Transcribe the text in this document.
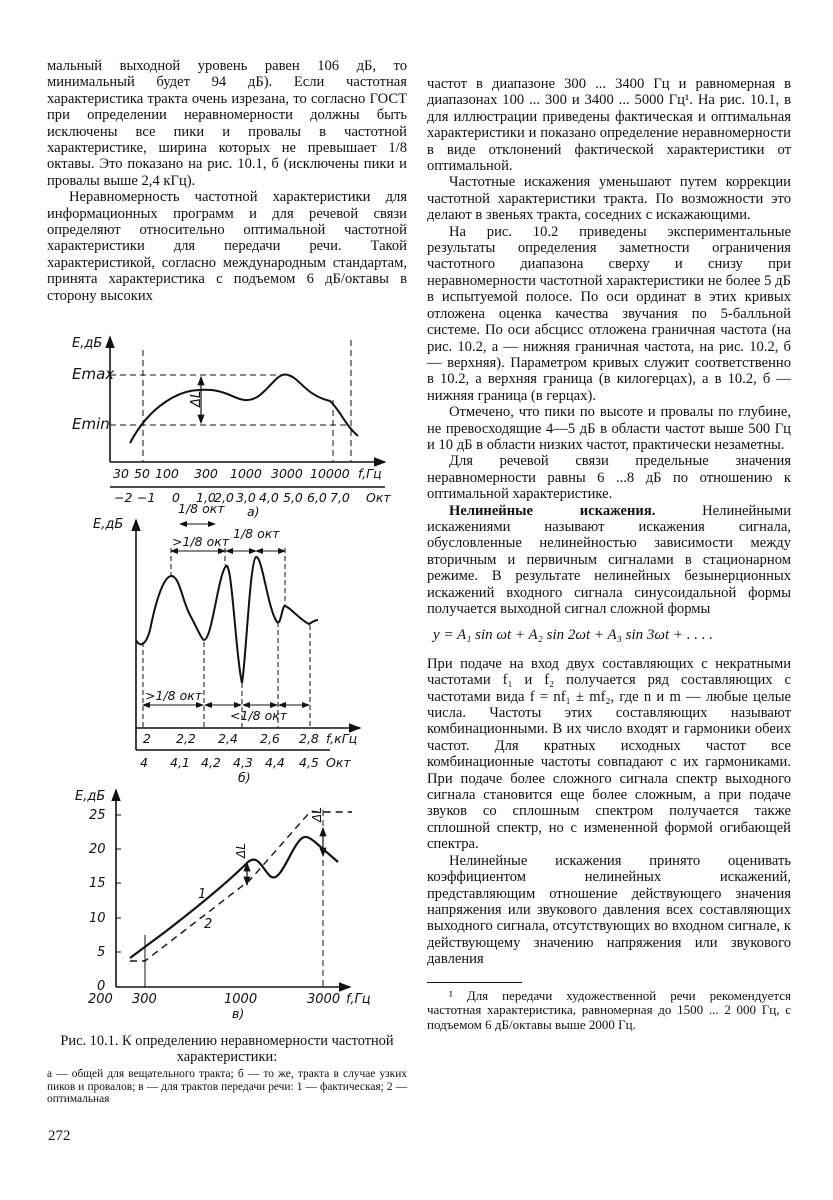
мальный выходной уровень равен 106 дБ, то минимальный будет 94 дБ). Если частотная характеристика тракта очень изрезана, то согласно ГОСТ при определении неравномерности должны быть исключены все пики и провалы в частотной характеристике, ширина которых не превышает 1/8 октавы. Это показано на рис. 10.1, б (исключены пики и провалы выше 2,4 кГц).

Неравномерность частотной характеристики для информационных программ и для речевой связи определяют относительно оптимальной частотной характеристики для передачи речи. Такой характеристикой, согласно международным стандартам, принята характеристика с подъемом 6 дБ/октавы в сторону высоких

E,дБ
Emax
Emin
ΔL
30 50 100 300 1000 3000 10000 f,Гц
−2 −1 0 1,0
2,0 3,0 4,0 5,0 6,0 7,0 Окт
а)
E,дБ
1/8 окт
>1/8 окт
1/8 окт
>1/8 окт
<1/8 окт
2 2,2 2,4 2,6 2,8 f,кГц
4 4,1 4,2 4,3 4,4 4,5 Окт
б)
E,дБ
0
5
10
15
20
25
ΔL
ΔL
1
2
200 300	1000	3000 f,Гц
в)
Рис. 10.1. К определению неравномерности частотной характеристики:
а — общей для вещательного тракта; б — то же, тракта в случае узких пиков и провалов; в — для трактов передачи речи: 1 — фактическая; 2 — оптимальная
272

частот в диапазоне 300 ... 3400 Гц и равномерная в диапазонах 100 ... 300 и 3400 ... 5000 Гц¹. На рис. 10.1, в для иллюстрации приведены фактическая и оптимальная характеристики и показано определение неравномерности в виде отклонений фактической характеристики от оптимальной.

Частотные искажения уменьшают путем коррекции частотной характеристики тракта. По возможности это делают в звеньях тракта, соседних с искажающими.

На рис. 10.2 приведены экспериментальные результаты определения заметности ограничения частотного диапазона сверху и снизу при неравномерности частотной характеристики не более 5 дБ в испытуемой полосе. По оси ординат в этих кривых отложена оценка качества звучания по 5-балльной системе. По оси абсцисс отложена граничная частота (на рис. 10.2, а — нижняя граничная частота, на рис. 10.2, б — верхняя). Параметром кривых служит соответственно в 10.2, а верхняя граница (в килогерцах), а в 10.2, б — нижняя граница (в герцах).

Отмечено, что пики по высоте и провалы по глубине, не превосходящие 4—5 дБ в области частот выше 500 Гц и 10 дБ в области низких частот, практически незаметны.

Для речевой связи предельные значения неравномерности равны 6 ...8 дБ по отношению к оптимальной характеристике.

Нелинейные искажения. Нелинейными искажениями называют искажения сигнала, обусловленные нелинейностью зависимости между вторичным и первичным сигналами в стационарном режиме. В результате нелинейных безынерционных искажений входного сигнала синусоидальной формы получается выходной сигнал сложной формы

y = A₁ sin ωt + A₂ sin 2ωt + A₃ sin 3ωt + . . . .

При подаче на вход двух составляющих с некратными частотами f₁ и f₂ получается ряд составляющих с частотами вида f = nf₁ ± mf₂, где n и m — любые целые числа. Частоты этих составляющих называют комбинационными. В их число входят и гармоники обеих частот. Для кратных исходных частот все комбинационные частоты совпадают с их гармониками. При подаче более сложного сигнала спектр выходного сигнала становится еще более сложным, а при подаче звуков со сплошным спектром получается также сплошной спектр, но с измененной формой огибающей спектра.

Нелинейные искажения принято оценивать коэффициентом нелинейных искажений, представляющим отношение действующего значения напряжения или звукового давления всех составляющих выходного сигнала, отсутствующих во входном сигнале, к действующему значению напряжения или звукового давления

¹ Для передачи художественной речи рекомендуется частотная характеристика, равномерная до 1500 ... 2 000 Гц, с подъемом 6 дБ/октавы выше 2000 Гц.
